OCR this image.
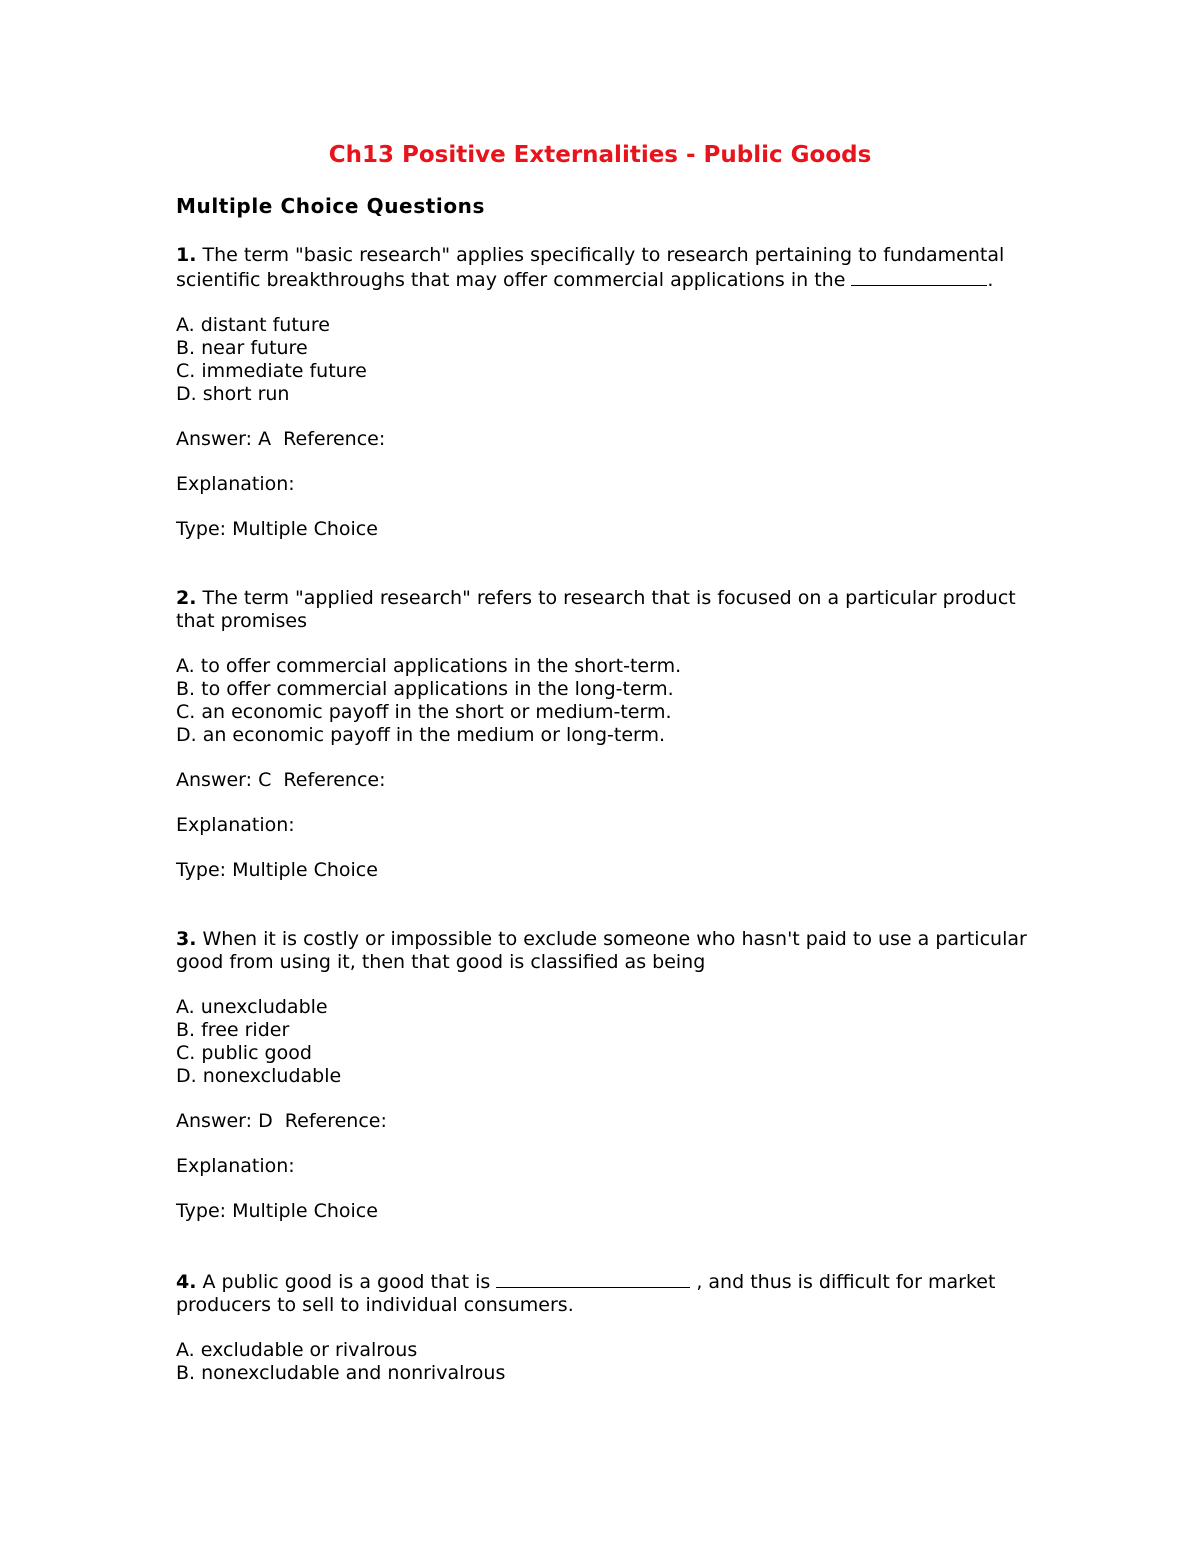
Ch13 Positive Externalities - Public Goods
Multiple Choice Questions

1. The term "basic research" applies specifically to research pertaining to fundamental scientific breakthroughs that may offer commercial applications in the	.

A. distant future
B. near future
C. immediate future
D. short run

Answer: A  Reference:

Explanation:

Type: Multiple Choice

2. The term "applied research" refers to research that is focused on a particular product that promises

A. to offer commercial applications in the short-term.
B. to offer commercial applications in the long-term.
C. an economic payoff in the short or medium-term.
D. an economic payoff in the medium or long-term.

Answer: C  Reference:

Explanation:

Type: Multiple Choice

3. When it is costly or impossible to exclude someone who hasn't paid to use a particular good from using it, then that good is classified as being

A. unexcludable
B. free rider
C. public good
D. nonexcludable

Answer: D  Reference:

Explanation:

Type: Multiple Choice

4. A public good is a good that is	, and thus is difficult for market producers to sell to individual consumers.

A. excludable or rivalrous
B. nonexcludable and nonrivalrous
